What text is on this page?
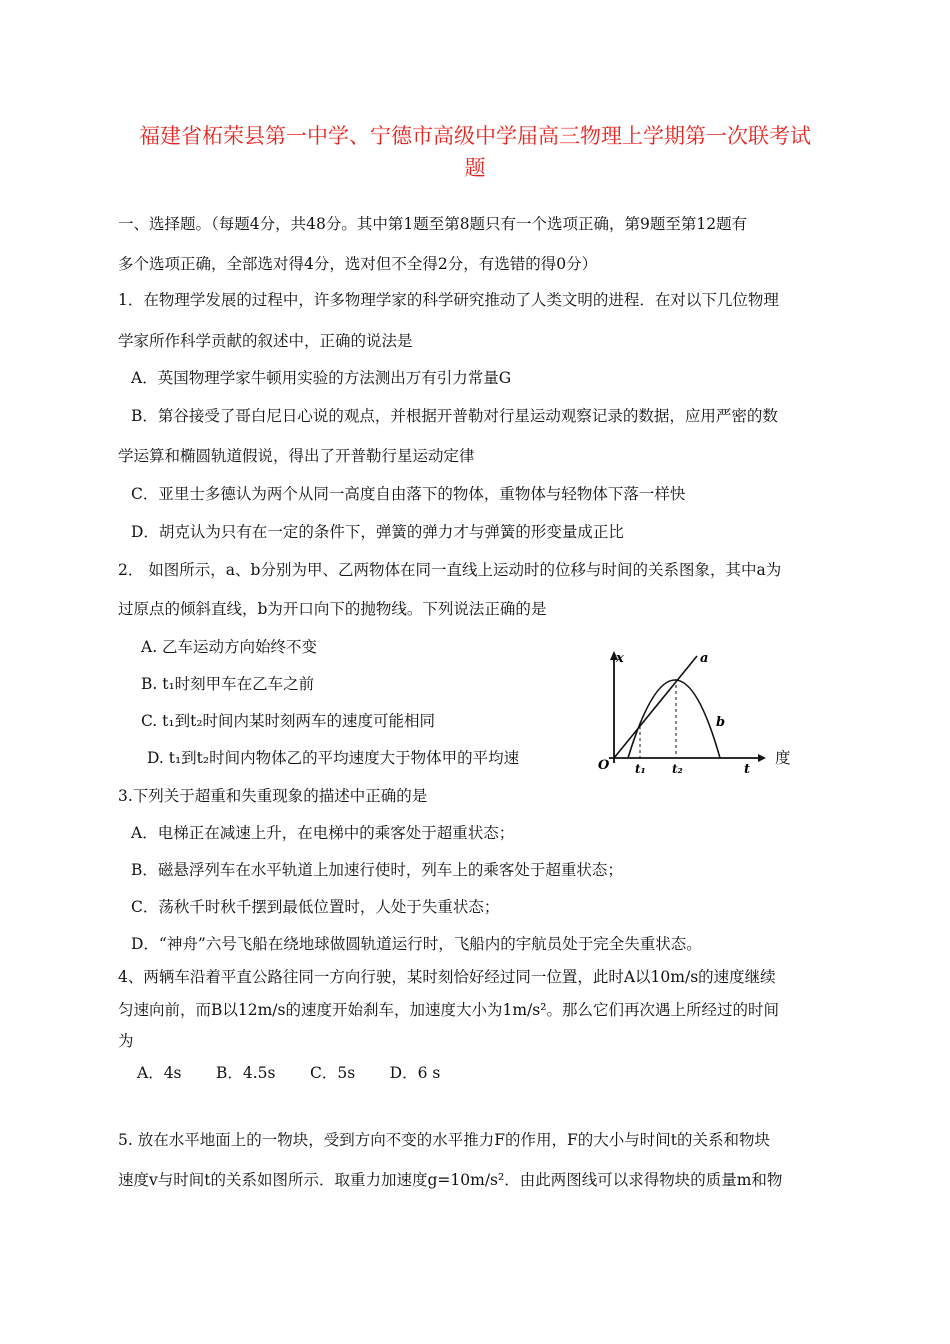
福建省柘荣县第一中学、宁德市高级中学届高三物理上学期第一次联考试
题
一、选择题。（每题4分，共48分。其中第1题至第8题只有一个选项正确，第9题至第12题有
多个选项正确，全部选对得4分，选对但不全得2分，有选错的得0分）
1．在物理学发展的过程中，许多物理学家的科学研究推动了人类文明的进程．在对以下几位物理
学家所作科学贡献的叙述中，正确的说法是
A．英国物理学家牛顿用实验的方法测出万有引力常量G
B．第谷接受了哥白尼日心说的观点，并根据开普勒对行星运动观察记录的数据，应用严密的数
学运算和椭圆轨道假说，得出了开普勒行星运动定律
C．亚里士多德认为两个从同一高度自由落下的物体，重物体与轻物体下落一样快
D．胡克认为只有在一定的条件下，弹簧的弹力才与弹簧的形变量成正比
2． 如图所示，a、b分别为甲、乙两物体在同一直线上运动时的位移与时间的关系图象，其中a为
过原点的倾斜直线，b为开口向下的抛物线。下列说法正确的是
A. 乙车运动方向始终不变
B. t₁时刻甲车在乙车之前
C. t₁到t₂时间内某时刻两车的速度可能相同
D. t₁到t₂时间内物体乙的平均速度大于物体甲的平均速	度
x	a
b
O t₁ t₂	t
3.下列关于超重和失重现象的描述中正确的是
A．电梯正在减速上升，在电梯中的乘客处于超重状态；
B．磁悬浮列车在水平轨道上加速行使时，列车上的乘客处于超重状态；
C．荡秋千时秋千摆到最低位置时，人处于失重状态；
D．“神舟”六号飞船在绕地球做圆轨道运行时，飞船内的宇航员处于完全失重状态。
4、两辆车沿着平直公路往同一方向行驶，某时刻恰好经过同一位置，此时A以10m/s的速度继续
匀速向前，而B以12m/s的速度开始刹车，加速度大小为1m/s²。那么它们再次遇上所经过的时间
为
A．4s       B．4.5s       C．5s       D．6 s
5. 放在水平地面上的一物块，受到方向不变的水平推力F的作用，F的大小与时间t的关系和物块
速度v与时间t的关系如图所示．取重力加速度g=10m/s²．由此两图线可以求得物块的质量m和物
